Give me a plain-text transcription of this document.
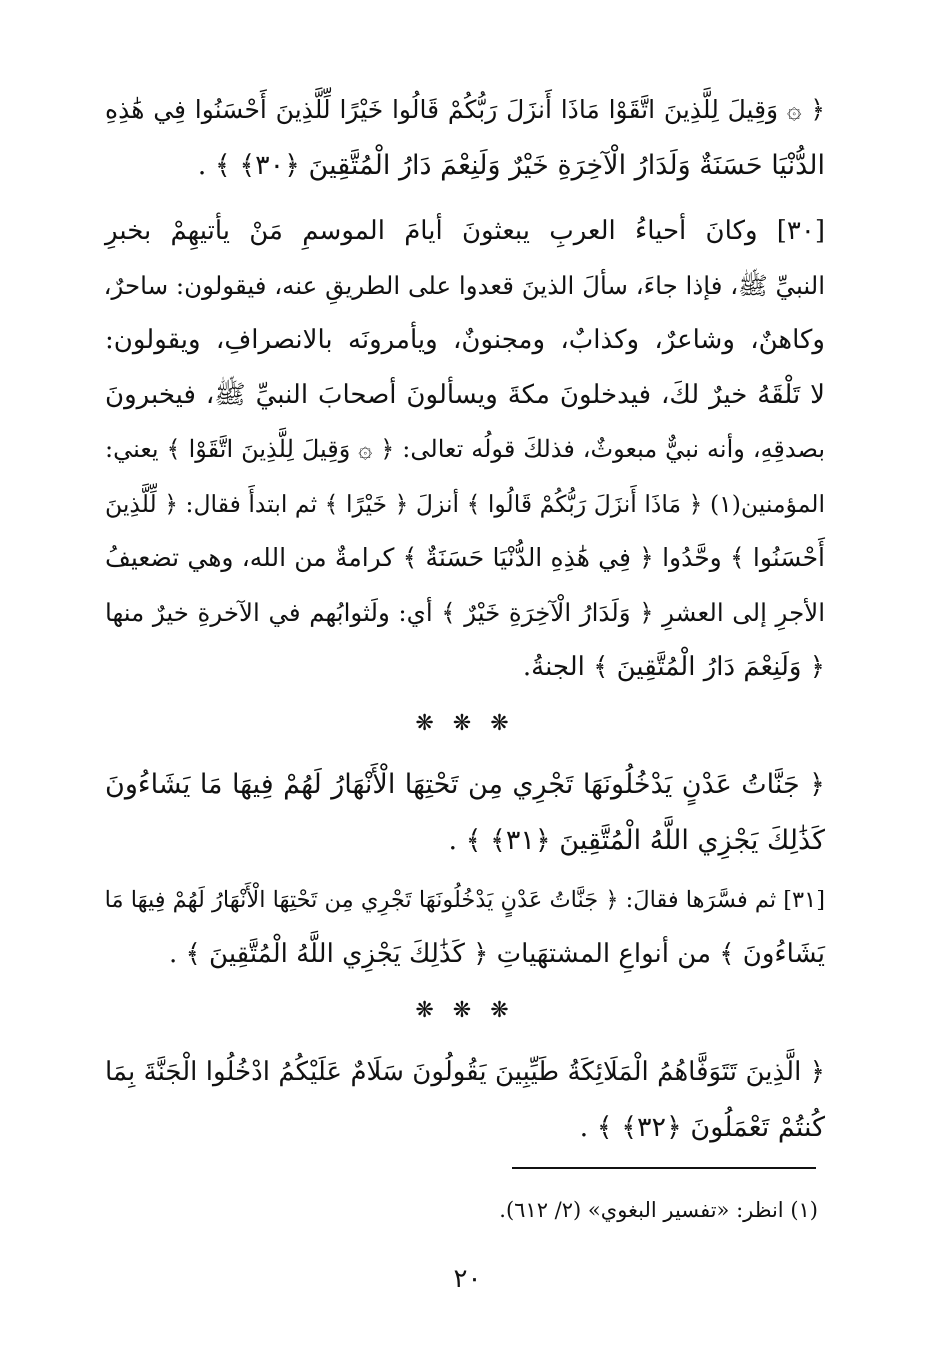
﴿ ۞ وَقِيلَ لِلَّذِينَ اتَّقَوْا مَاذَا أَنزَلَ رَبُّكُمْ قَالُوا خَيْرًا لِّلَّذِينَ أَحْسَنُوا فِي هَٰذِهِ
الدُّنْيَا حَسَنَةٌ وَلَدَارُ الْآخِرَةِ خَيْرٌ وَلَنِعْمَ دَارُ الْمُتَّقِينَ ﴿٣٠﴾ ﴾ .
[٣٠] وكانَ أحياءُ العربِ يبعثونَ أيامَ الموسمِ مَنْ يأتيهِمْ بخبرِ
النبيِّ ﷺ، فإذا جاءَ، سألَ الذينَ قعدوا على الطريقِ عنه، فيقولون: ساحرٌ،
وكاهنٌ، وشاعرٌ، وكذابٌ، ومجنونٌ، ويأمرونَه بالانصرافِ، ويقولون:
لا تَلْقَهُ خيرٌ لكَ، فيدخلونَ مكةَ ويسألونَ أصحابَ النبيِّ ﷺ، فيخبرونَ
بصدقِهِ، وأنه نبيٌّ مبعوثٌ، فذلكَ قولُه تعالى: ﴿ ۞ وَقِيلَ لِلَّذِينَ اتَّقَوْا ﴾ يعني:
المؤمنين(١) ﴿ مَاذَا أَنزَلَ رَبُّكُمْ قَالُوا ﴾ أنزلَ ﴿ خَيْرًا ﴾ ثم ابتدأَ فقال: ﴿ لِّلَّذِينَ
أَحْسَنُوا ﴾ وحَّدُوا ﴿ فِي هَٰذِهِ الدُّنْيَا حَسَنَةٌ ﴾ كرامةٌ من الله، وهي تضعيفُ
الأجرِ إلى العشرِ ﴿ وَلَدَارُ الْآخِرَةِ خَيْرٌ ﴾ أي: ولَثوابُهم في الآخرةِ خيرٌ منها
﴿ وَلَنِعْمَ دَارُ الْمُتَّقِينَ ﴾ الجنةُ.
❋ ❋ ❋
﴿ جَنَّاتُ عَدْنٍ يَدْخُلُونَهَا تَجْرِي مِن تَحْتِهَا الْأَنْهَارُ لَهُمْ فِيهَا مَا يَشَاءُونَ
كَذَٰلِكَ يَجْزِي اللَّهُ الْمُتَّقِينَ ﴿٣١﴾ ﴾ .
[٣١] ثم فسَّرَها فقالَ: ﴿ جَنَّاتُ عَدْنٍ يَدْخُلُونَهَا تَجْرِي مِن تَحْتِهَا الْأَنْهَارُ لَهُمْ فِيهَا مَا
يَشَاءُونَ ﴾ من أنواعِ المشتهَياتِ ﴿ كَذَٰلِكَ يَجْزِي اللَّهُ الْمُتَّقِينَ ﴾ .
❋ ❋ ❋
﴿ الَّذِينَ تَتَوَفَّاهُمُ الْمَلَائِكَةُ طَيِّبِينَ يَقُولُونَ سَلَامٌ عَلَيْكُمُ ادْخُلُوا الْجَنَّةَ بِمَا
كُنتُمْ تَعْمَلُونَ ﴿٣٢﴾ ﴾ .
(١) انظر: «تفسير البغوي» (٢/ ٦١٢).
٢٠
